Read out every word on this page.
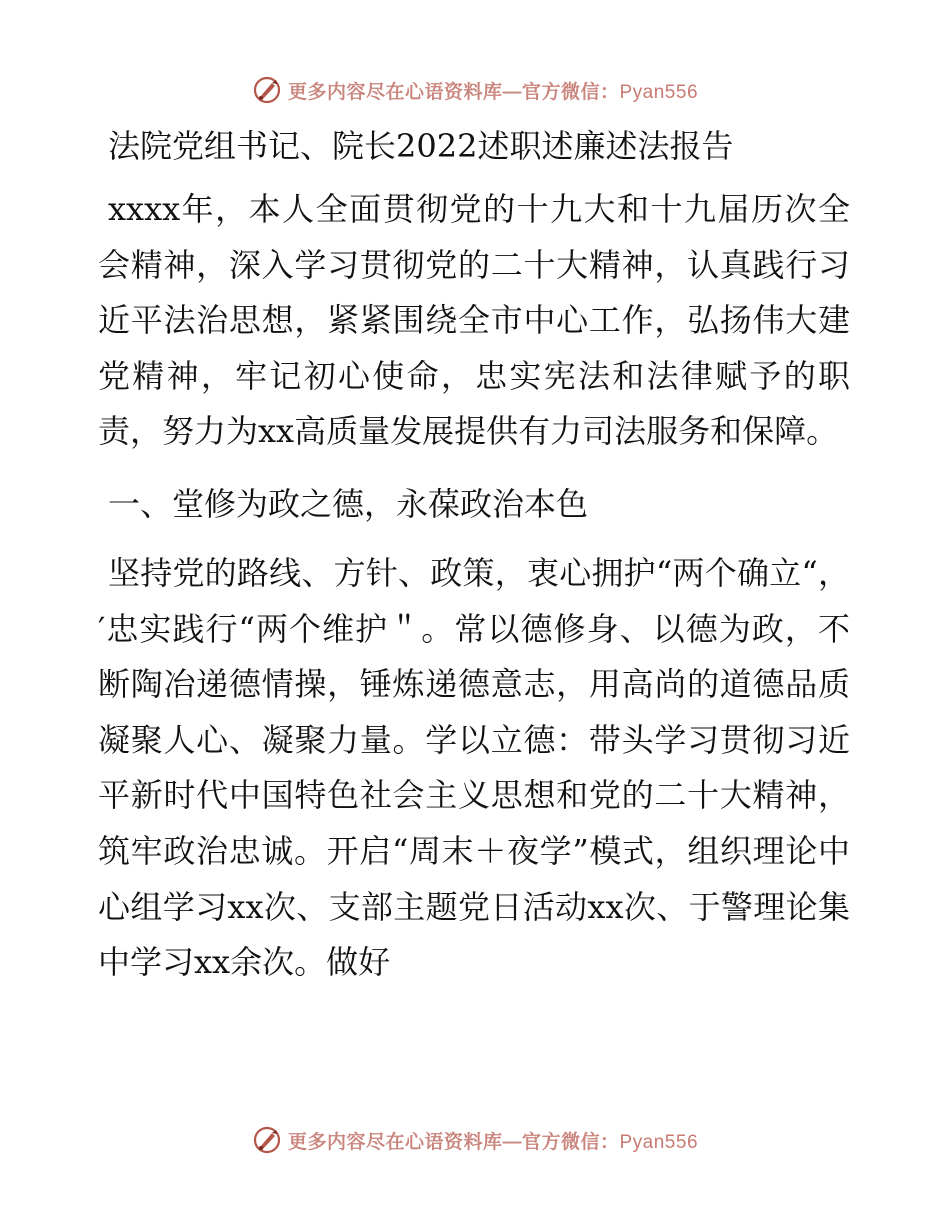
更多内容尽在心语资料库—官方微信：Pyan556
法院党组书记、院长2022述职述廉述法报告

xxxx年，本人全面贯彻党的十九大和十九届历次全会精神，深入学习贯彻党的二十大精神，认真践行习近平法治思想，紧紧围绕全市中心工作，弘扬伟大建党精神，牢记初心使命，忠实宪法和法律赋予的职责，努力为xx高质量发展提供有力司法服务和保障。

一、堂修为政之德，永葆政治本色

坚持党的路线、方针、政策，衷心拥护“两个确立“，′忠实践行“两个维护＂。常以德修身、以德为政，不断陶冶递德情操，锤炼递德意志，用高尚的道德品质凝聚人心、凝聚力量。学以立德：带头学习贯彻习近平新时代中国特色社会主义思想和党的二十大精神，筑牢政治忠诚。开启“周末＋夜学”模式，组织理论中心组学习xx次、支部主题党日活动xx次、于警理论集中学习xx余次。做好

更多内容尽在心语资料库—官方微信：Pyan556
